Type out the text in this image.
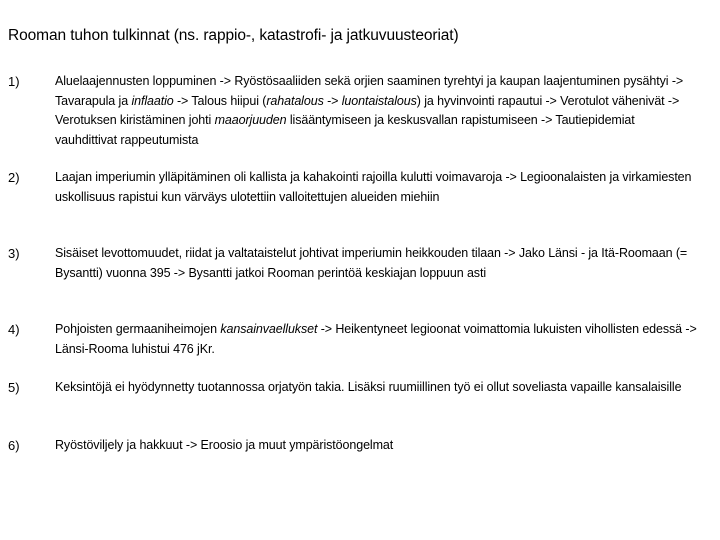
Rooman tuhon tulkinnat (ns. rappio-, katastrofi- ja jatkuvuusteoriat)
1)	Aluelaajennusten loppuminen -> Ryöstösaaliiden sekä orjien saaminen tyrehtyi ja kaupan laajentuminen pysähtyi -> Tavarapula ja inflaatio -> Talous hiipui (rahatalous -> luontaistalous) ja hyvinvointi rapautui -> Verotulot vähenivät -> Verotuksen kiristäminen johti maaorjuuden lisääntymiseen ja keskusvallan rapistumiseen -> Tautiepidemiat vauhdittivat rappeutumista
2)	Laajan imperiumin ylläpitäminen oli kallista ja kahakointi rajoilla kulutti voimavaroja -> Legioonalaisten ja virkamiesten uskollisuus rapistui kun värväys ulotettiin valloitettujen alueiden miehiin
3)	Sisäiset levottomuudet, riidat ja valtataistelut johtivat imperiumin heikkouden tilaan -> Jako Länsi - ja Itä-Roomaan (= Bysantti) vuonna 395 -> Bysantti jatkoi Rooman perintöä keskiajan loppuun asti
4)	Pohjoisten germaaniheimojen kansainvaellukset -> Heikentyneet legioonat voimattomia lukuisten vihollisten edessä -> Länsi-Rooma luhistui 476 jKr.
5)	Keksintöjä ei hyödynnetty tuotannossa orjatyön takia. Lisäksi ruumiillinen työ ei ollut soveliasta vapaille kansalaisille
6)	Ryöstöviljely ja hakkuut -> Eroosio ja muut ympäristöongelmat
